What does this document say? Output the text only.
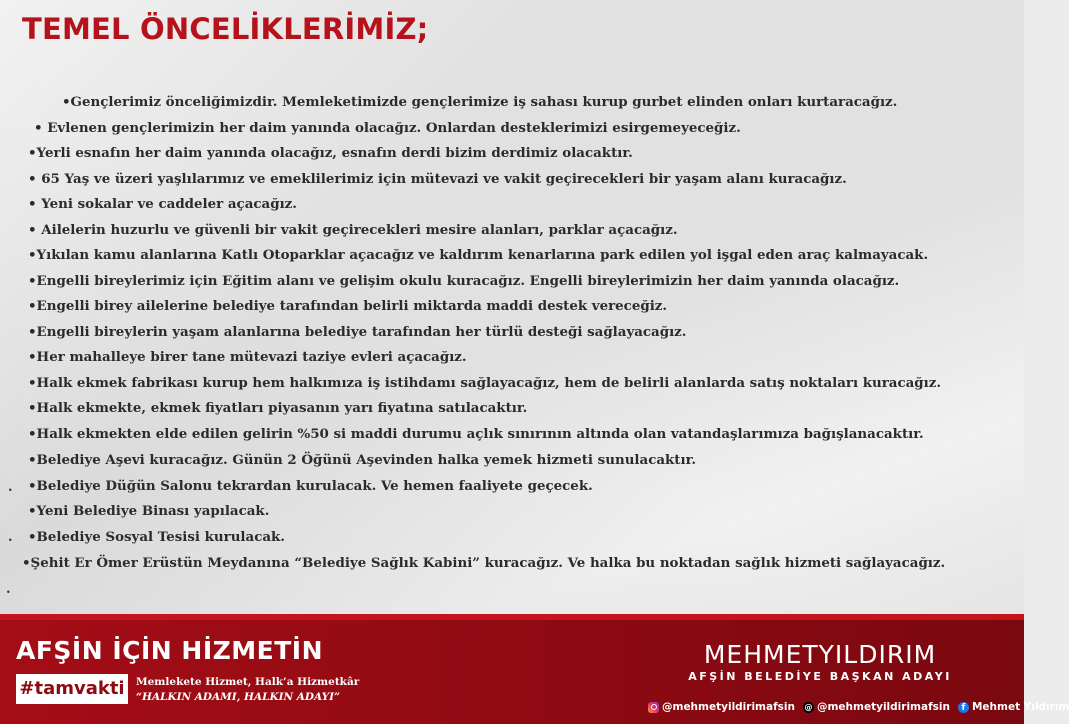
TEMEL ÖNCELİKLERİMİZ;
•Gençlerimiz önceliğimizdir. Memleketimizde gençlerimize iş sahası kurup gurbet elinden onları kurtaracağız.
• Evlenen gençlerimizin her daim yanında olacağız. Onlardan desteklerimizi esirgemeyeceğiz.
•Yerli esnafın her daim yanında olacağız, esnafın derdi bizim derdimiz olacaktır.
• 65 Yaş ve üzeri yaşlılarımız ve emeklilerimiz için mütevazi ve vakit geçirecekleri bir yaşam alanı kuracağız.
• Yeni sokalar ve caddeler açacağız.
• Ailelerin huzurlu ve güvenli bir vakit geçirecekleri mesire alanları, parklar açacağız.
•Yıkılan kamu alanlarına Katlı Otoparklar açacağız ve kaldırım kenarlarına park edilen yol işgal eden araç kalmayacak.
•Engelli bireylerimiz için Eğitim alanı ve gelişim okulu kuracağız. Engelli bireylerimizin her daim yanında olacağız.
•Engelli birey ailelerine belediye tarafından belirli miktarda maddi destek vereceğiz.
•Engelli bireylerin yaşam alanlarına belediye tarafından her türlü desteği sağlayacağız.
•Her mahalleye birer tane mütevazi taziye evleri açacağız.
•Halk ekmek fabrikası kurup hem halkımıza iş istihdamı sağlayacağız, hem de belirli alanlarda satış noktaları kuracağız.
•Halk ekmekte, ekmek fiyatları piyasanın yarı fiyatına satılacaktır.
•Halk ekmekten elde edilen gelirin %50 si maddi durumu açlık sınırının altında olan vatandaşlarımıza bağışlanacaktır.
•Belediye Aşevi kuracağız. Günün 2 Öğünü Aşevinden halka yemek hizmeti sunulacaktır.
•Belediye Düğün Salonu tekrardan kurulacak. Ve hemen faaliyete geçecek.
•Yeni Belediye Binası yapılacak.
•Belediye Sosyal Tesisi kurulacak.
•Şehit Er Ömer Erüstün Meydanına “Belediye Sağlık Kabini” kuracağız. Ve halka bu noktadan sağlık hizmeti sağlayacağız.
.
.
.
AFŞİN İÇİN HİZMETİN
#tamvakti	Memlekete Hizmet, Halk’a Hizmetkâr
“HALKIN ADAMI, HALKIN ADAYI”
MEHMETYILDIRIM
AFŞİN BELEDİYE BAŞKAN ADAYI
@mehmetyildirimafsin @ @mehmetyildirimafsin	f Mehmet Yıldırım
